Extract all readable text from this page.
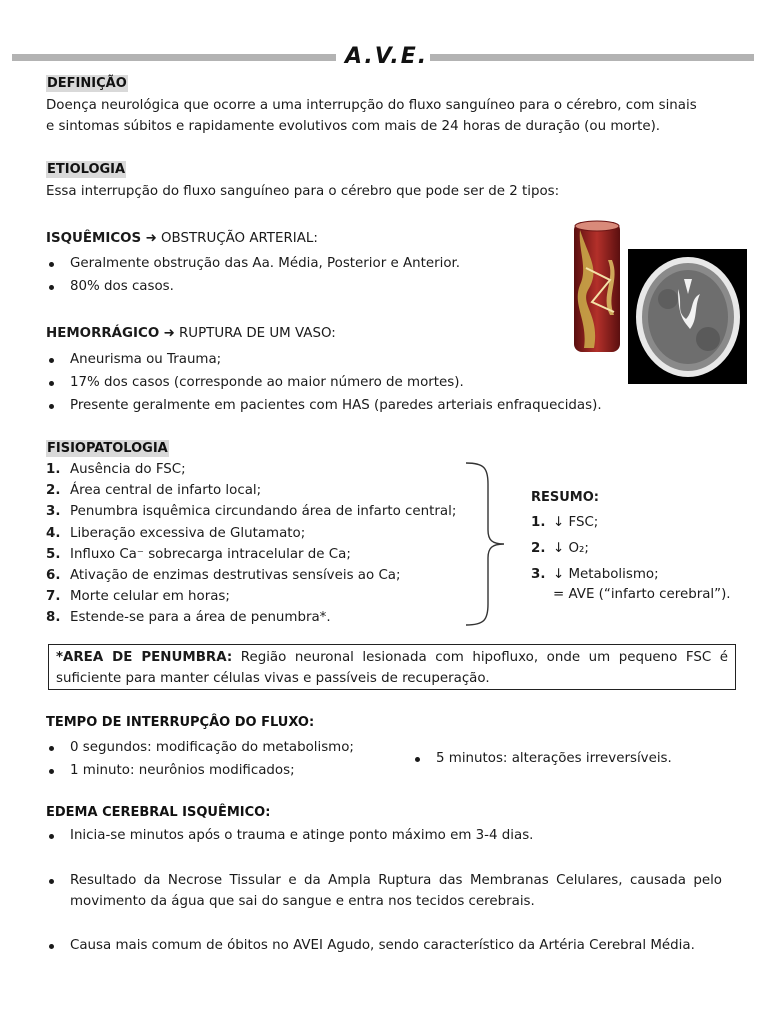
A.V.E.
DEFINIÇÃO
Doença neurológica que ocorre a uma interrupção do fluxo sanguíneo para o cérebro, com sinais
e sintomas súbitos e rapidamente evolutivos com mais de 24 horas de duração (ou morte).
ETIOLOGIA
Essa interrupção do fluxo sanguíneo para o cérebro que pode ser de 2 tipos:
ISQUÊMICOS ➜ OBSTRUÇÃO ARTERIAL:
Geralmente obstrução das Aa. Média, Posterior e Anterior.
80% dos casos.
HEMORRÁGICO ➜ RUPTURA DE UM VASO:
Aneurisma ou Trauma;
17% dos casos (corresponde ao maior número de mortes).
Presente geralmente em pacientes com HAS (paredes arteriais enfraquecidas).
FISIOPATOLOGIA
1. Ausência do FSC;
2. Área central de infarto local;
3. Penumbra isquêmica circundando área de infarto central;
4. Liberação excessiva de Glutamato;
5. Influxo Ca⁻ sobrecarga intracelular de Ca;
6. Ativação de enzimas destrutivas sensíveis ao Ca;
7. Morte celular em horas;
8. Estende-se para a área de penumbra*.
RESUMO:
1. ↓ FSC;
2. ↓ O₂;
3. ↓ Metabolismo;
= AVE (“infarto cerebral”).
*AREA DE PENUMBRA: Região neuronal lesionada com hipofluxo, onde um pequeno FSC é suficiente para manter células vivas e passíveis de recuperação.
TEMPO DE INTERRUPÇÂO DO FLUXO:
0 segundos: modificação do metabolismo;
1 minuto: neurônios modificados;
5 minutos: alterações irreversíveis.
EDEMA CEREBRAL ISQUÊMICO:
Inicia-se minutos após o trauma e atinge ponto máximo em 3-4 dias.
Resultado da Necrose Tissular e da Ampla Ruptura das Membranas Celulares, causada pelo movimento da água que sai do sangue e entra nos tecidos cerebrais.
Causa mais comum de óbitos no AVEI Agudo, sendo característico da Artéria Cerebral Média.
